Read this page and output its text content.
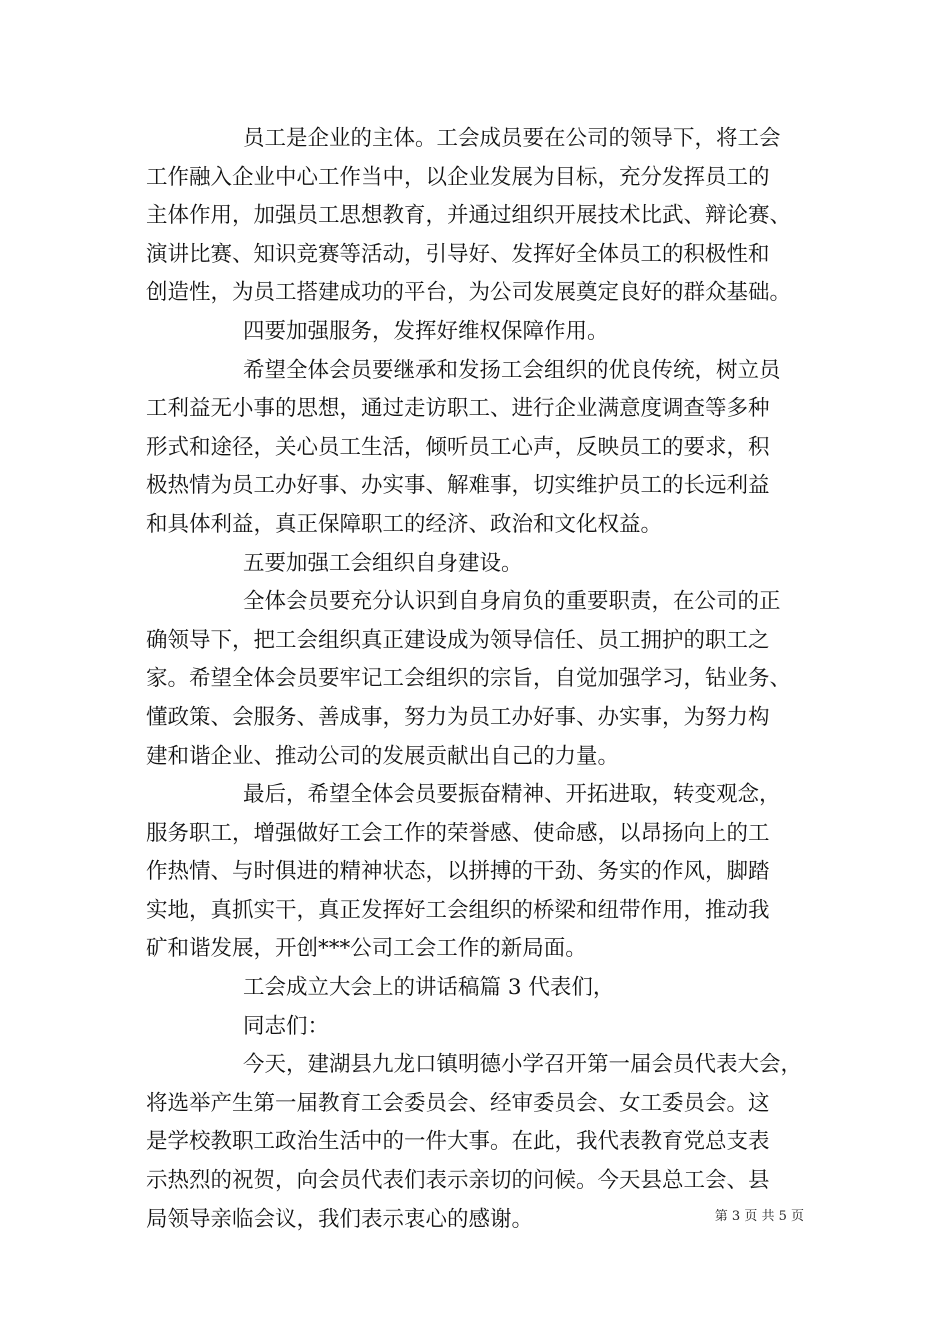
员工是企业的主体。工会成员要在公司的领导下，将工会
工作融入企业中心工作当中，以企业发展为目标，充分发挥员工的
主体作用，加强员工思想教育，并通过组织开展技术比武、辩论赛、
演讲比赛、知识竞赛等活动，引导好、发挥好全体员工的积极性和
创造性，为员工搭建成功的平台，为公司发展奠定良好的群众基础。
四要加强服务，发挥好维权保障作用。
希望全体会员要继承和发扬工会组织的优良传统，树立员
工利益无小事的思想，通过走访职工、进行企业满意度调查等多种
形式和途径，关心员工生活，倾听员工心声，反映员工的要求，积
极热情为员工办好事、办实事、解难事，切实维护员工的长远利益
和具体利益，真正保障职工的经济、政治和文化权益。
五要加强工会组织自身建设。
全体会员要充分认识到自身肩负的重要职责，在公司的正
确领导下，把工会组织真正建设成为领导信任、员工拥护的职工之
家。希望全体会员要牢记工会组织的宗旨，自觉加强学习，钻业务、
懂政策、会服务、善成事，努力为员工办好事、办实事，为努力构
建和谐企业、推动公司的发展贡献出自己的力量。
最后，希望全体会员要振奋精神、开拓进取，转变观念，
服务职工，增强做好工会工作的荣誉感、使命感，以昂扬向上的工
作热情、与时俱进的精神状态，以拼搏的干劲、务实的作风，脚踏
实地，真抓实干，真正发挥好工会组织的桥梁和纽带作用，推动我
矿和谐发展，开创***公司工会工作的新局面。
工会成立大会上的讲话稿篇 3 代表们，
同志们：
今天，建湖县九龙口镇明德小学召开第一届会员代表大会，
将选举产生第一届教育工会委员会、经审委员会、女工委员会。这
是学校教职工政治生活中的一件大事。在此，我代表教育党总支表
示热烈的祝贺，向会员代表们表示亲切的问候。今天县总工会、县
局领导亲临会议，我们表示衷心的感谢。	第 3 页 共 5 页
